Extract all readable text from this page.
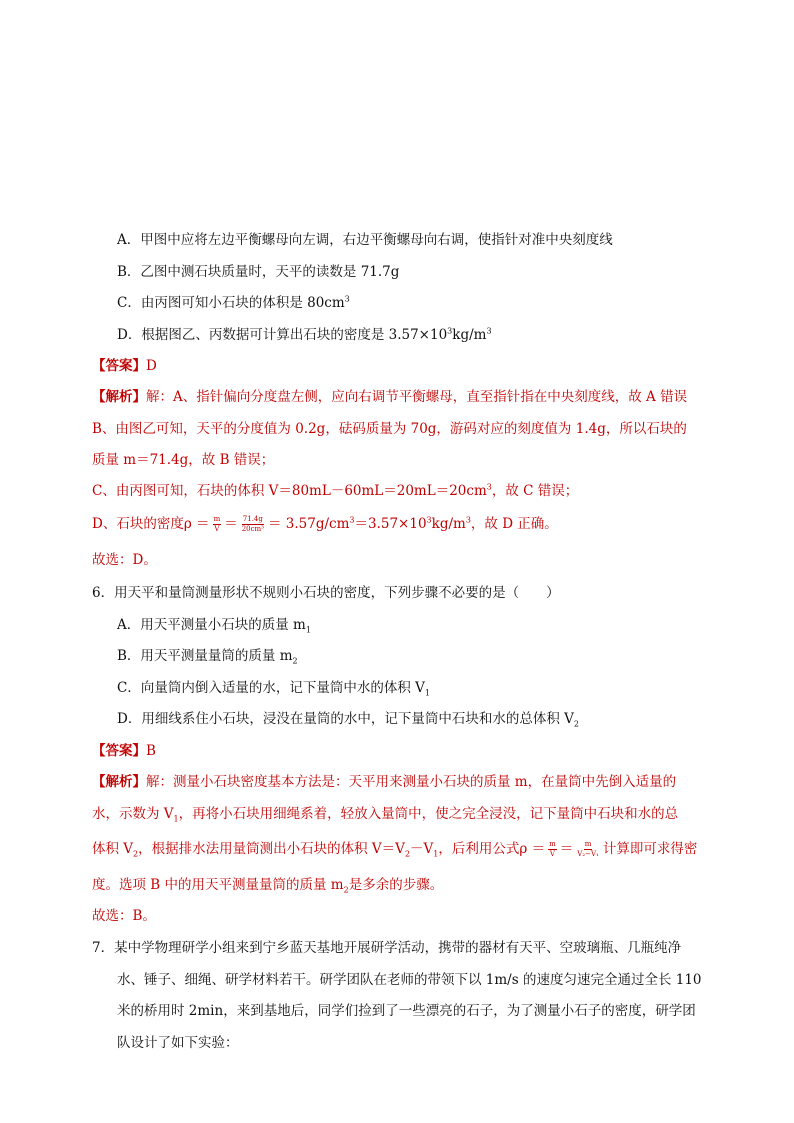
A．甲图中应将左边平衡螺母向左调，右边平衡螺母向右调，使指针对准中央刻度线
B．乙图中测石块质量时，天平的读数是 71.7g
C．由丙图可知小石块的体积是 $80cm^3$
D．根据图乙、丙数据可计算出石块的密度是 $3.57\times 10^3kg/m^3$
【答案】D
【解析】解：A、指针偏向分度盘左侧，应向右调节平衡螺母，直至指针指在中央刻度线，故 A 错误
B、由图乙可知，天平的分度值为 0.2g，砝码质量为 70g，游码对应的刻度值为 1.4g，所以石块的
质量 m＝71.4g，故 B 错误；
C、由丙图可知，石块的体积 $V=80mL-60mL=20mL=20cm^3$，故 C 错误；
D、石块的密度$\rho = \frac{m}{V} = \frac{71.4g}{\text{20cm³}} = 3.57g/cm^3=3.57\times 10^3kg/m^3$，故 D 正确。
故选：D。
6．用天平和量筒测量形状不规则小石块的密度，下列步骤不必要的是（　　）
A．用天平测量小石块的质量 $m_1$
B．用天平测量量筒的质量 $m_2$
C．向量筒内倒入适量的水，记下量筒中水的体积 $V_1$
D．用细线系住小石块，浸没在量筒的水中，记下量筒中石块和水的总体积 $V_2$
【答案】B
【解析】解：测量小石块密度基本方法是：天平用来测量小石块的质量 m，在量筒中先倒入适量的
水，示数为 $V_1$，再将小石块用细绳系着，轻放入量筒中，使之完全浸没，记下量筒中石块和水的总
体积 $V_2$，根据排水法用量筒测出小石块的体积 $V=V_2-V_1$，后利用公式$\rho = \frac{m}{V} = \frac{m}{\text{V₂−V₁}}$ 计算即可求得密
度。选项 B 中的用天平测量量筒的质量 $m_2$是多余的步骤。
故选：B。
7．某中学物理研学小组来到宁乡蓝天基地开展研学活动，携带的器材有天平、空玻璃瓶、几瓶纯净
水、锤子、细绳、研学材料若干。研学团队在老师的带领下以 1m/s 的速度匀速完全通过全长 110
米的桥用时 2min，来到基地后，同学们捡到了一些漂亮的石子，为了测量小石子的密度，研学团
队设计了如下实验：
